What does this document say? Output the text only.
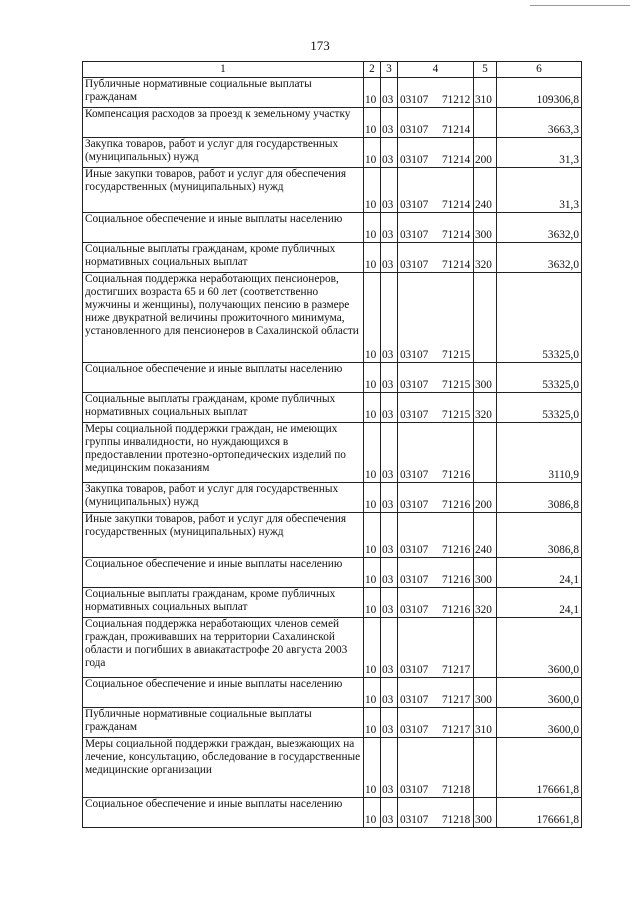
173
1	2	3	4	5	6
Публичные нормативные социальные выплаты гражданам	10	03	03107 71212	310	109306,8
Компенсация расходов за проезд к земельному участку	10	03	03107 71214		3663,3
Закупка товаров, работ и услуг для государственных (муниципальных) нужд	10	03	03107 71214	200	31,3
Иные закупки товаров, работ и услуг для обеспечения государственных (муниципальных) нужд	10	03	03107 71214	240	31,3
Социальное обеспечение и иные выплаты населению	10	03	03107 71214	300	3632,0
Социальные выплаты гражданам, кроме публичных нормативных социальных выплат	10	03	03107 71214	320	3632,0
Социальная поддержка неработающих пенсионеров, достигших возраста 65 и 60 лет (соответственно мужчины и женщины), получающих пенсию в размере ниже двукратной величины прожиточного минимума, установленного для пенсионеров в Сахалинской области	10	03	03107 71215		53325,0
Социальное обеспечение и иные выплаты населению	10	03	03107 71215	300	53325,0
Социальные выплаты гражданам, кроме публичных нормативных социальных выплат	10	03	03107 71215	320	53325,0
Меры социальной поддержки граждан, не имеющих группы инвалидности, но нуждающихся в предоставлении протезно-ортопедических изделий по медицинским показаниям	10	03	03107 71216		3110,9
Закупка товаров, работ и услуг для государственных (муниципальных) нужд	10	03	03107 71216	200	3086,8
Иные закупки товаров, работ и услуг для обеспечения государственных (муниципальных) нужд	10	03	03107 71216	240	3086,8
Социальное обеспечение и иные выплаты населению	10	03	03107 71216	300	24,1
Социальные выплаты гражданам, кроме публичных нормативных социальных выплат	10	03	03107 71216	320	24,1
Социальная поддержка неработающих членов семей граждан, проживавших на территории Сахалинской области и погибших в авиакатастрофе 20 августа 2003 года	10	03	03107 71217		3600,0
Социальное обеспечение и иные выплаты населению	10	03	03107 71217	300	3600,0
Публичные нормативные социальные выплаты гражданам	10	03	03107 71217	310	3600,0
Меры социальной поддержки граждан, выезжающих на лечение, консультацию, обследование в государственные медицинские организации	10	03	03107 71218		176661,8
Социальное обеспечение и иные выплаты населению	10	03	03107 71218	300	176661,8
